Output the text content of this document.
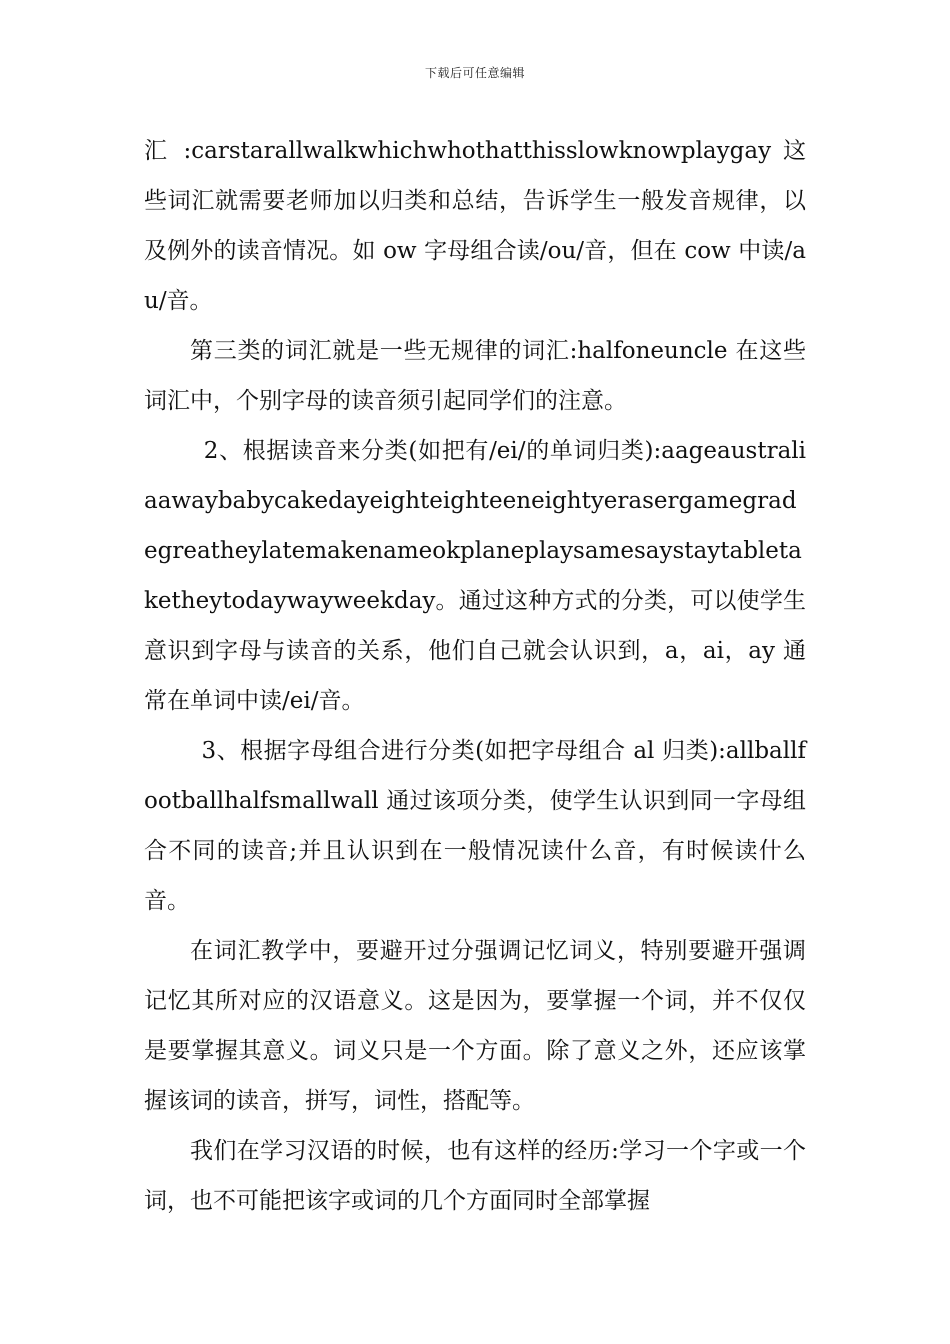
下载后可任意编辑

汇 :carstarallwalkwhichwhothatthisslowknowplaygay 这些词汇就需要老师加以归类和总结，告诉学生一般发音规律，以及例外的读音情况。如 ow 字母组合读/ou/音，但在 cow 中读/au/音。

第三类的词汇就是一些无规律的词汇:halfoneuncle 在这些词汇中，个别字母的读音须引起同学们的注意。

2、根据读音来分类(如把有/ei/的单词归类):aageaustraliaawaybabycakedayeighteighteeneightyerasergamegradegreatheylatemakenameokplaneplaysamesaystaytabletaketheytodaywayweekday。通过这种方式的分类，可以使学生意识到字母与读音的关系，他们自己就会认识到，a，ai，ay 通常在单词中读/ei/音。

3、根据字母组合进行分类(如把字母组合 al 归类):allballfootballhalfsmallwall 通过该项分类，使学生认识到同一字母组合不同的读音;并且认识到在一般情况读什么音，有时候读什么音。

在词汇教学中，要避开过分强调记忆词义，特别要避开强调记忆其所对应的汉语意义。这是因为，要掌握一个词，并不仅仅是要掌握其意义。词义只是一个方面。除了意义之外，还应该掌握该词的读音，拼写，词性，搭配等。

我们在学习汉语的时候，也有这样的经历:学习一个字或一个词，也不可能把该字或词的几个方面同时全部掌握
